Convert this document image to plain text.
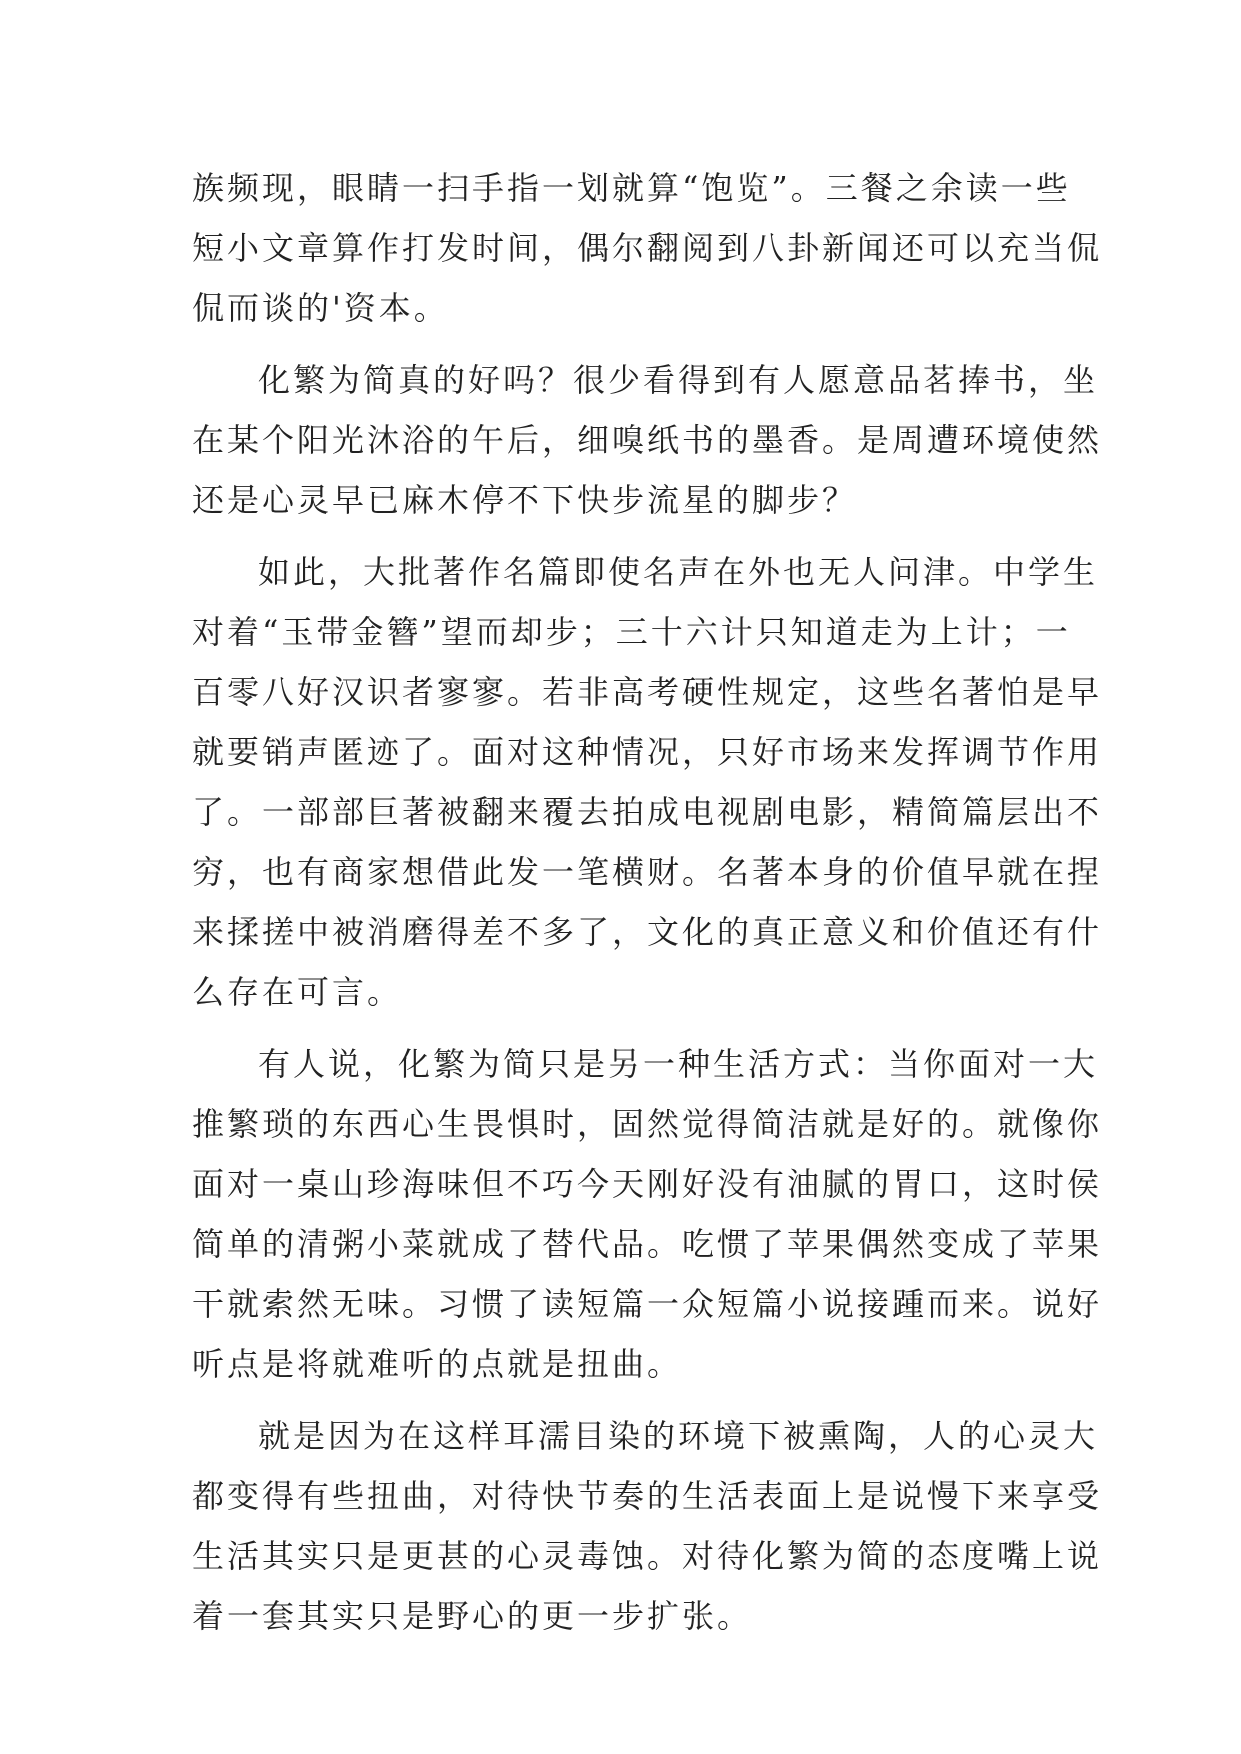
族频现，眼睛一扫手指一划就算“饱览”。三餐之余读一些
短小文章算作打发时间，偶尔翻阅到八卦新闻还可以充当侃
侃而谈的'资本。
化繁为简真的好吗？很少看得到有人愿意品茗捧书，坐
在某个阳光沐浴的午后，细嗅纸书的墨香。是周遭环境使然
还是心灵早已麻木停不下快步流星的脚步？
如此，大批著作名篇即使名声在外也无人问津。中学生
对着“玉带金簪”望而却步；三十六计只知道走为上计；一
百零八好汉识者寥寥。若非高考硬性规定，这些名著怕是早
就要销声匿迹了。面对这种情况，只好市场来发挥调节作用
了。一部部巨著被翻来覆去拍成电视剧电影，精简篇层出不
穷，也有商家想借此发一笔横财。名著本身的价值早就在捏
来揉搓中被消磨得差不多了，文化的真正意义和价值还有什
么存在可言。
有人说，化繁为简只是另一种生活方式：当你面对一大
推繁琐的东西心生畏惧时，固然觉得简洁就是好的。就像你
面对一桌山珍海味但不巧今天刚好没有油腻的胃口，这时侯
简单的清粥小菜就成了替代品。吃惯了苹果偶然变成了苹果
干就索然无味。习惯了读短篇一众短篇小说接踵而来。说好
听点是将就难听的点就是扭曲。
就是因为在这样耳濡目染的环境下被熏陶，人的心灵大
都变得有些扭曲，对待快节奏的生活表面上是说慢下来享受
生活其实只是更甚的心灵毒蚀。对待化繁为简的态度嘴上说
着一套其实只是野心的更一步扩张。
